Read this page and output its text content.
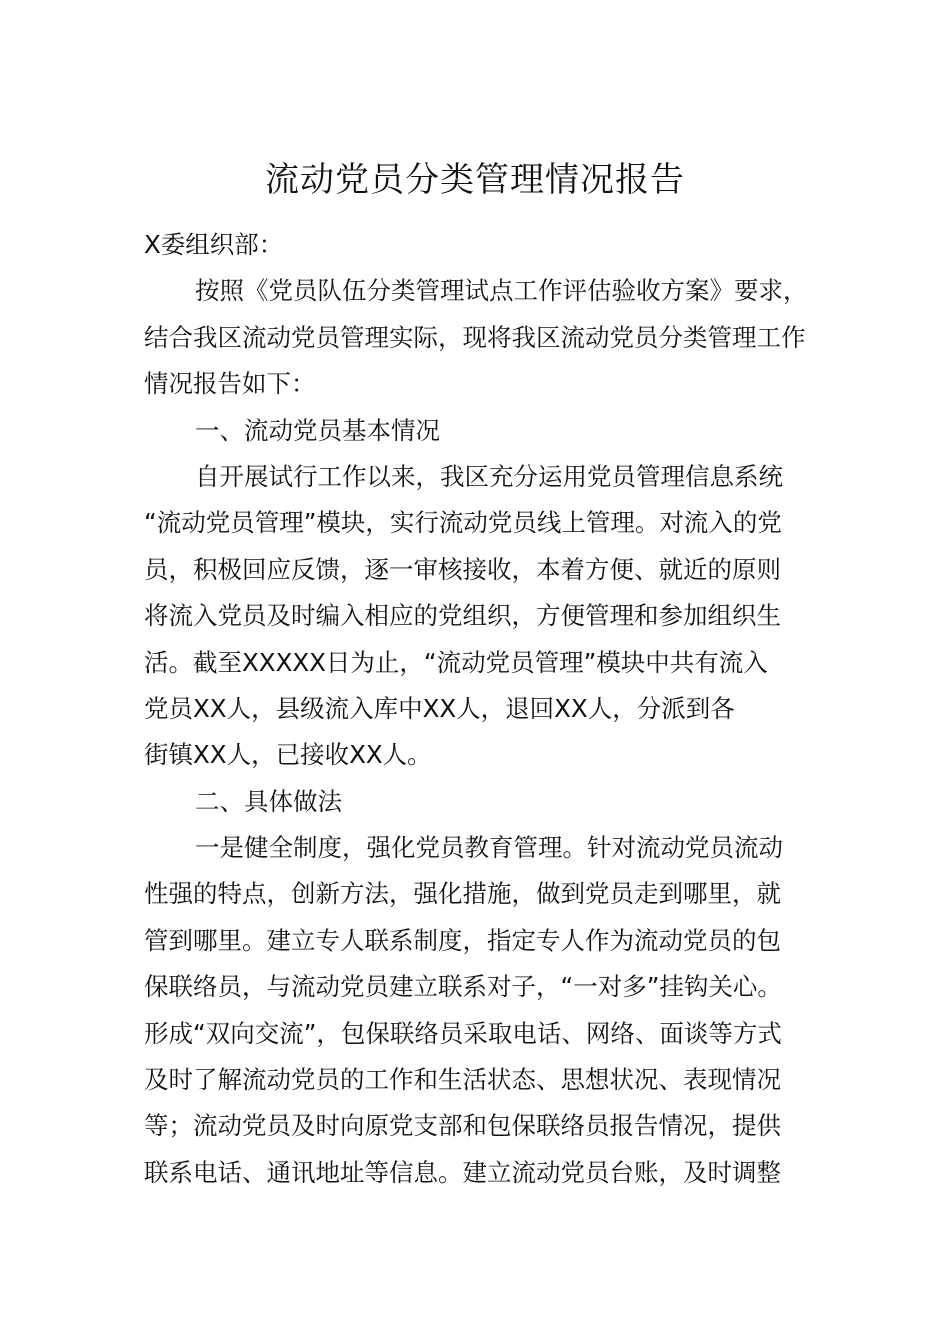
流动党员分类管理情况报告
X委组织部：
按照《党员队伍分类管理试点工作评估验收方案》要求，
结合我区流动党员管理实际，现将我区流动党员分类管理工作
情况报告如下：
一、流动党员基本情况
自开展试行工作以来，我区充分运用党员管理信息系统
“流动党员管理”模块，实行流动党员线上管理。对流入的党
员，积极回应反馈，逐一审核接收，本着方便、就近的原则
将流入党员及时编入相应的党组织，方便管理和参加组织生
活。截至XXXXX日为止，“流动党员管理”模块中共有流入
党员XX人，县级流入库中XX人，退回XX人，分派到各
街镇XX人，已接收XX人。
二、具体做法
一是健全制度，强化党员教育管理。针对流动党员流动
性强的特点，创新方法，强化措施，做到党员走到哪里，就
管到哪里。建立专人联系制度，指定专人作为流动党员的包
保联络员，与流动党员建立联系对子，“一对多”挂钩关心。
形成“双向交流”，包保联络员采取电话、网络、面谈等方式
及时了解流动党员的工作和生活状态、思想状况、表现情况
等；流动党员及时向原党支部和包保联络员报告情况，提供
联系电话、通讯地址等信息。建立流动党员台账，及时调整
